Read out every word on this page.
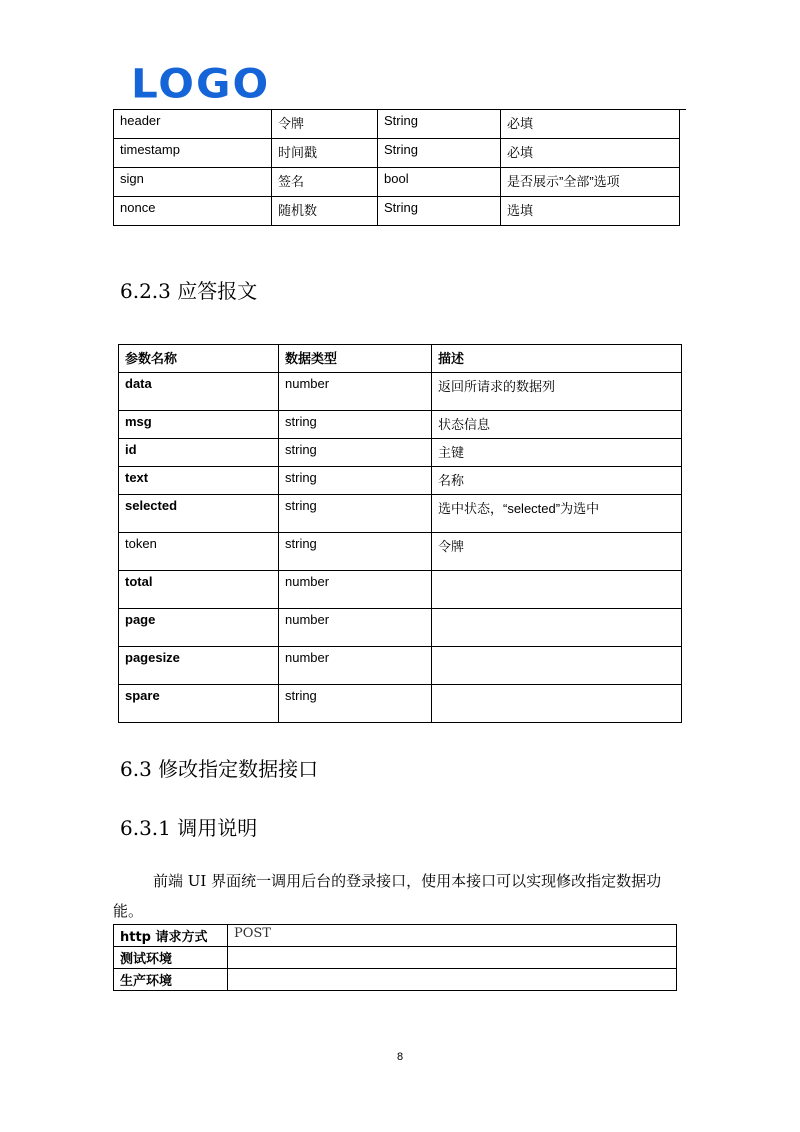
LOGO
header	令牌	String	必填
timestamp	时间戳	String	必填
sign	签名	bool	是否展示”全部”选项
nonce	随机数	String	选填
6.2.3 应答报文
参数名称	数据类型	描述
data	number	返回所请求的数据列
msg	string	状态信息
id	string	主键
text	string	名称
selected	string	选中状态，“selected”为选中
token	string	令牌
total	number	
page	number	
pagesize	number	
spare	string	
6.3 修改指定数据接口
6.3.1 调用说明

前端 UI 界面统一调用后台的登录接口，使用本接口可以实现修改指定数据功能。

http 请求方式	POST
测试环境	
生产环境	
8
